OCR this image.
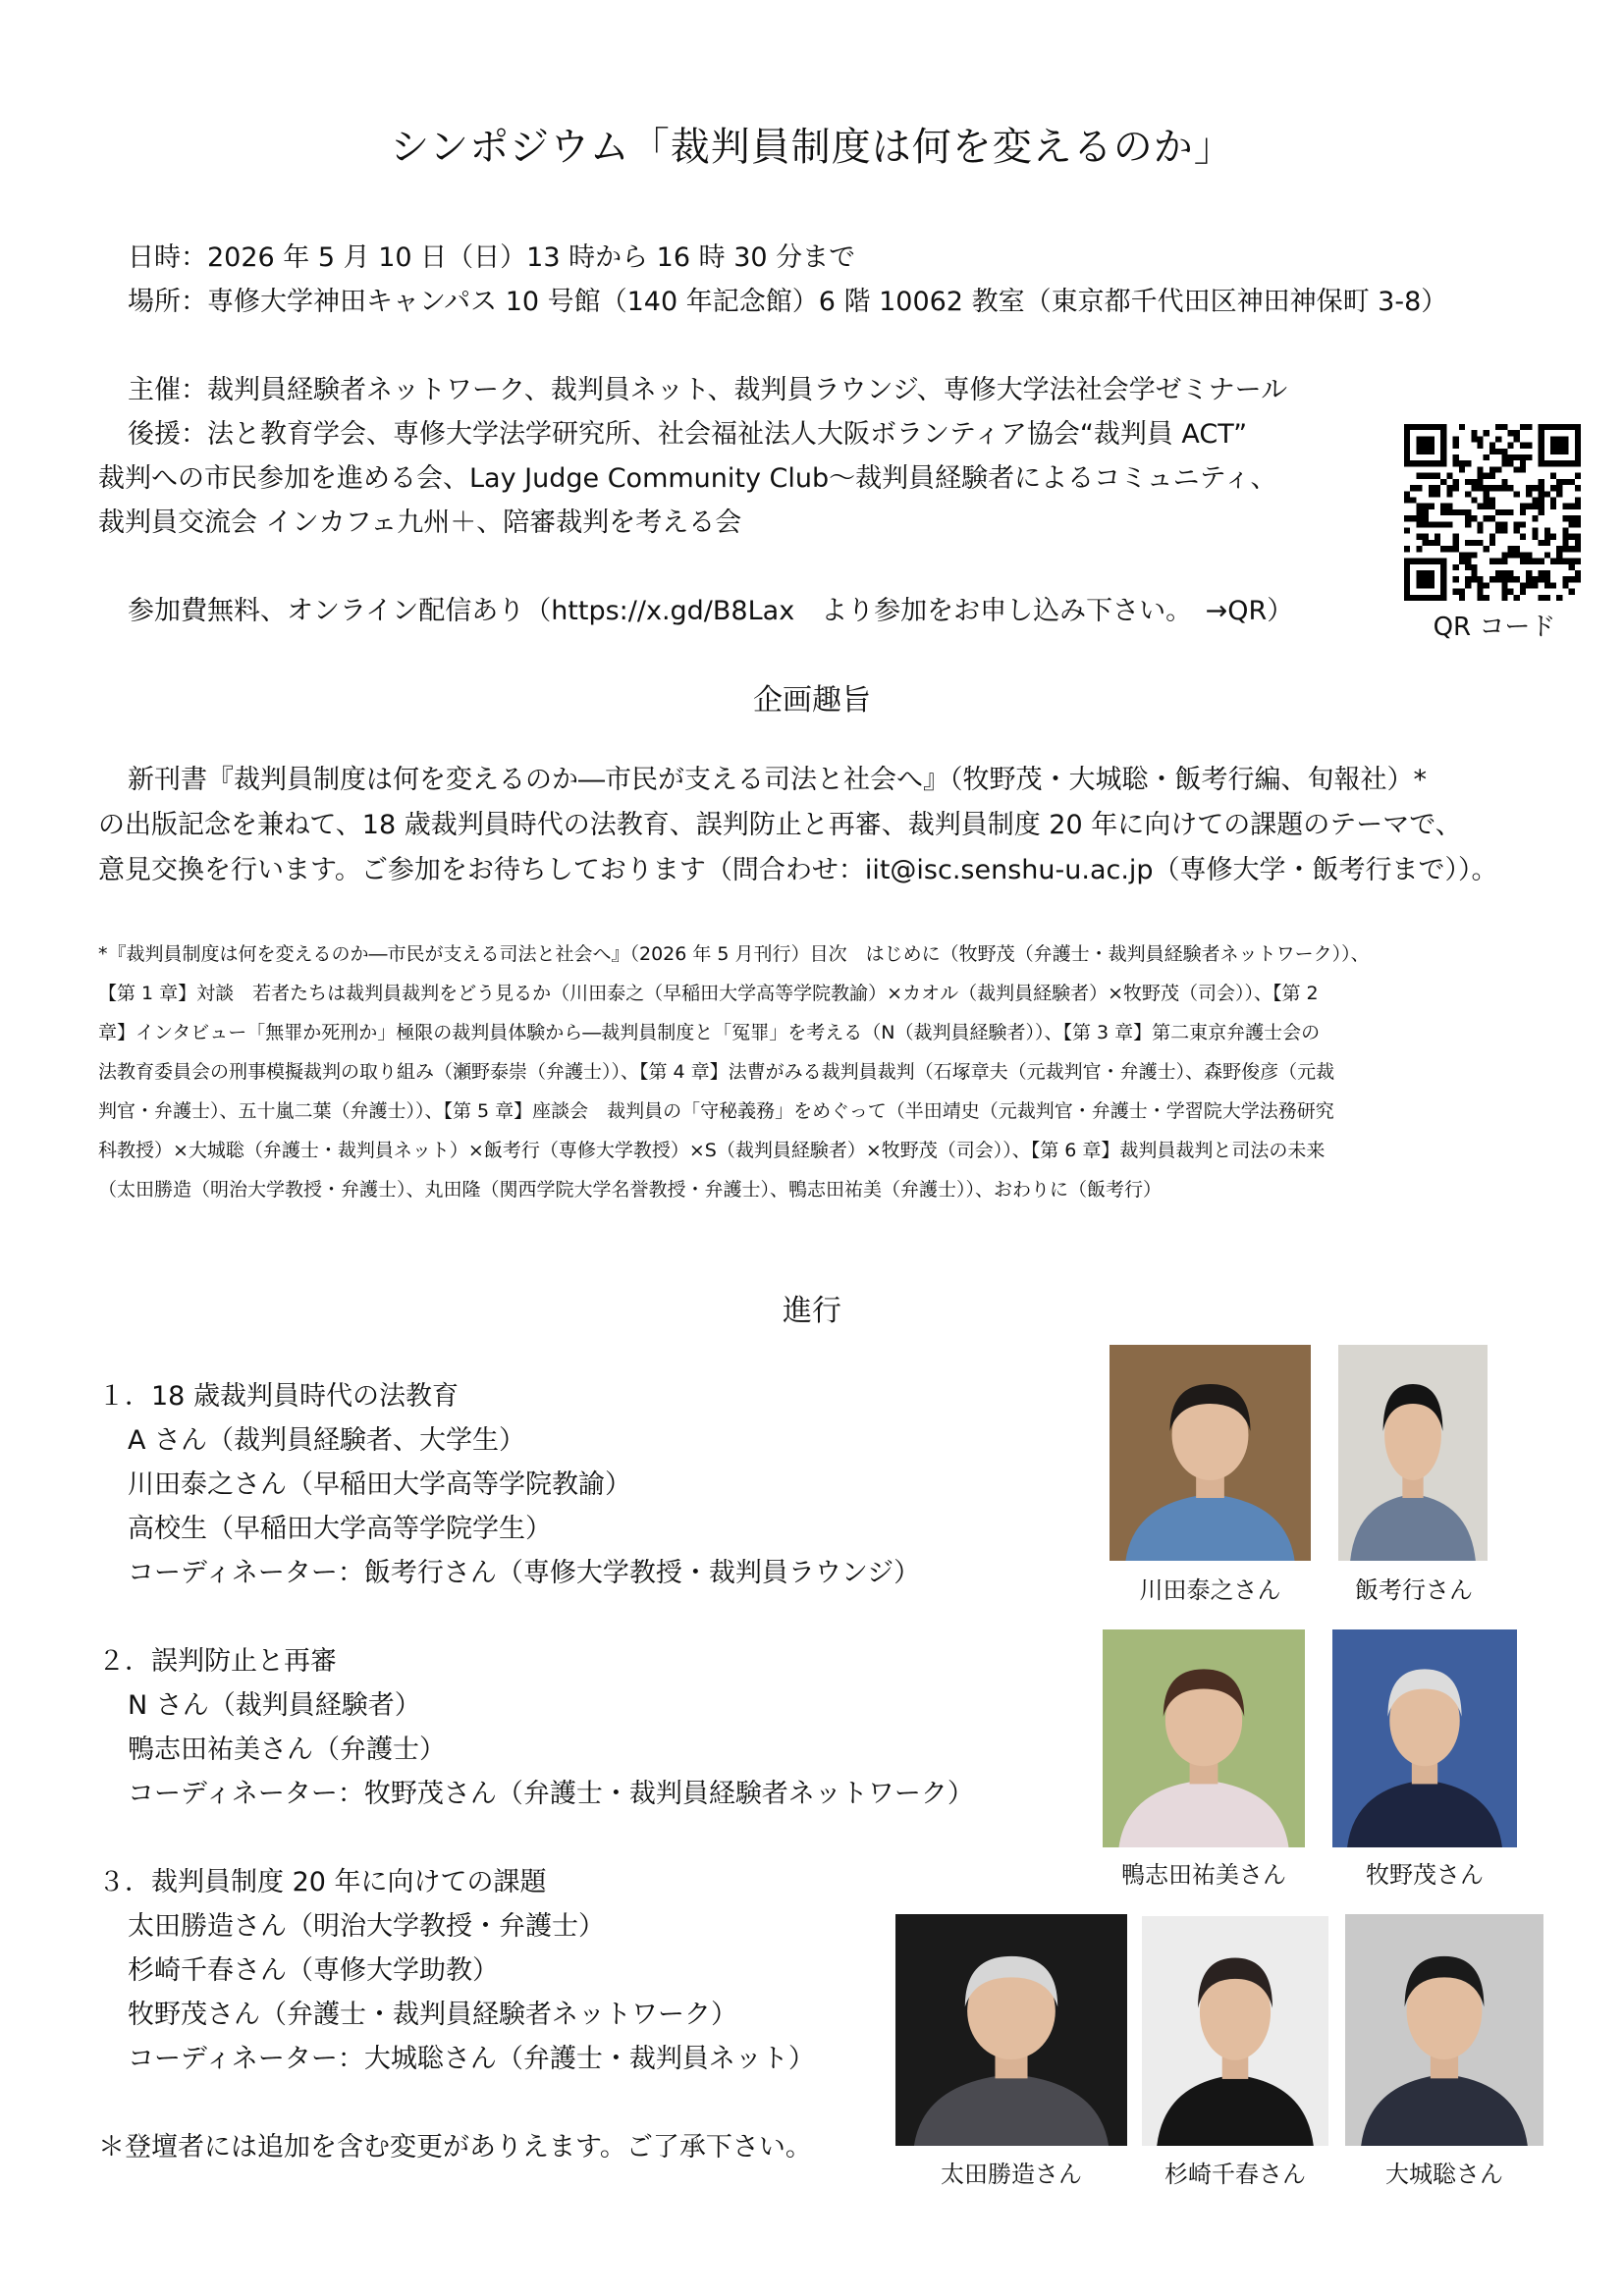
シンポジウム「裁判員制度は何を変えるのか」
日時：2026 年 5 月 10 日（日）13 時から 16 時 30 分まで
場所：専修大学神田キャンパス 10 号館（140 年記念館）6 階 10062 教室（東京都千代田区神田神保町 3-8）
主催：裁判員経験者ネットワーク、裁判員ネット、裁判員ラウンジ、専修大学法社会学ゼミナール
後援：法と教育学会、専修大学法学研究所、社会福祉法人大阪ボランティア協会“裁判員 ACT”
裁判への市民参加を進める会、Lay Judge Community Club〜裁判員経験者によるコミュニティ、
裁判員交流会 インカフェ九州＋、陪審裁判を考える会
参加費無料、オンライン配信あり（https://x.gd/B8Lax　より参加をお申し込み下さい。　→QR）
QR コード
企画趣旨
新刊書『裁判員制度は何を変えるのか―市民が支える司法と社会へ』（牧野茂・大城聡・飯考行編、旬報社）*
の出版記念を兼ねて、18 歳裁判員時代の法教育、誤判防止と再審、裁判員制度 20 年に向けての課題のテーマで、
意見交換を行います。ご参加をお待ちしております（問合わせ：iit@isc.senshu-u.ac.jp（専修大学・飯考行まで））。
*『裁判員制度は何を変えるのか―市民が支える司法と社会へ』（2026 年 5 月刊行）目次　はじめに（牧野茂（弁護士・裁判員経験者ネットワーク））、
【第 1 章】対談　若者たちは裁判員裁判をどう見るか（川田泰之（早稲田大学高等学院教諭）×カオル（裁判員経験者）×牧野茂（司会））、【第 2
章】インタビュー「無罪か死刑か」極限の裁判員体験から―裁判員制度と「冤罪」を考える（N（裁判員経験者））、【第 3 章】第二東京弁護士会の
法教育委員会の刑事模擬裁判の取り組み（瀬野泰崇（弁護士））、【第 4 章】法曹がみる裁判員裁判（石塚章夫（元裁判官・弁護士）、森野俊彦（元裁
判官・弁護士）、五十嵐二葉（弁護士））、【第 5 章】座談会　裁判員の「守秘義務」をめぐって（半田靖史（元裁判官・弁護士・学習院大学法務研究
科教授）×大城聡（弁護士・裁判員ネット）×飯考行（専修大学教授）×S（裁判員経験者）×牧野茂（司会））、【第 6 章】裁判員裁判と司法の未来
（太田勝造（明治大学教授・弁護士）、丸田隆（関西学院大学名誉教授・弁護士）、鴨志田祐美（弁護士））、おわりに（飯考行）
進行
１．18 歳裁判員時代の法教育
A さん（裁判員経験者、大学生）
川田泰之さん（早稲田大学高等学院教諭）
高校生（早稲田大学高等学院学生）
コーディネーター：飯考行さん（専修大学教授・裁判員ラウンジ）
２．誤判防止と再審
N さん（裁判員経験者）
鴨志田祐美さん（弁護士）
コーディネーター：牧野茂さん（弁護士・裁判員経験者ネットワーク）
３．裁判員制度 20 年に向けての課題
太田勝造さん（明治大学教授・弁護士）
杉崎千春さん（専修大学助教）
牧野茂さん（弁護士・裁判員経験者ネットワーク）
コーディネーター：大城聡さん（弁護士・裁判員ネット）
＊登壇者には追加を含む変更がありえます。ご了承下さい。
川田泰之さん	飯考行さん
鴨志田祐美さん	牧野茂さん
太田勝造さん	杉崎千春さん	大城聡さん
